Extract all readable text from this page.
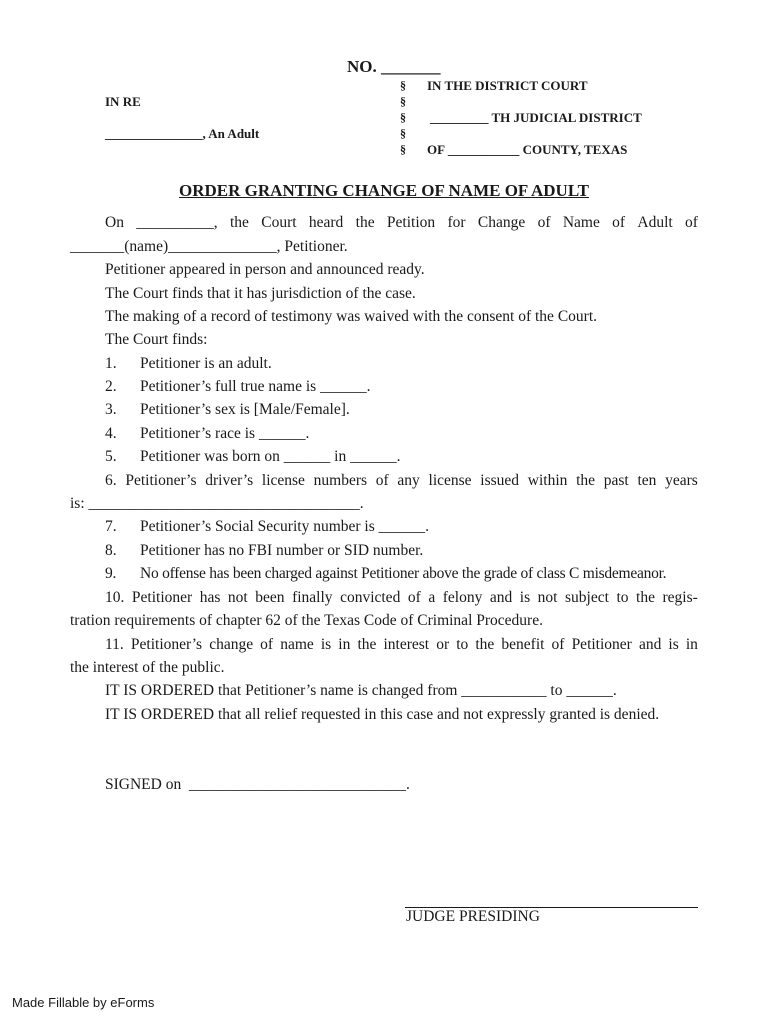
NO. _______
IN RE
_______________, An Adult
§
§
§
§
§
IN THE DISTRICT COURT
_________ TH JUDICIAL DISTRICT
OF ___________ COUNTY, TEXAS
ORDER GRANTING CHANGE OF NAME OF ADULT
On __________, the Court heard the Petition for Change of Name of Adult of
_______(name)______________, Petitioner.
Petitioner appeared in person and announced ready.
The Court finds that it has jurisdiction of the case.
The making of a record of testimony was waived with the consent of the Court.
The Court finds:
1. Petitioner is an adult.
2. Petitioner’s full true name is ______.
3. Petitioner’s sex is [Male/Female].
4. Petitioner’s race is ______.
5. Petitioner was born on ______ in ______.
6. Petitioner’s driver’s license numbers of any license issued within the past ten years
is: ___________________________________.
7. Petitioner’s Social Security number is ______.
8. Petitioner has no FBI number or SID number.
9. No offense has been charged against Petitioner above the grade of class C misdemeanor.
10. Petitioner has not been finally convicted of a felony and is not subject to the regis-
tration requirements of chapter 62 of the Texas Code of Criminal Procedure.
11. Petitioner’s change of name is in the interest or to the benefit of Petitioner and is in
the interest of the public.
IT IS ORDERED that Petitioner’s name is changed from ___________ to ______.
IT IS ORDERED that all relief requested in this case and not expressly granted is denied.
SIGNED on  ____________________________.
JUDGE PRESIDING
Made Fillable by eForms
